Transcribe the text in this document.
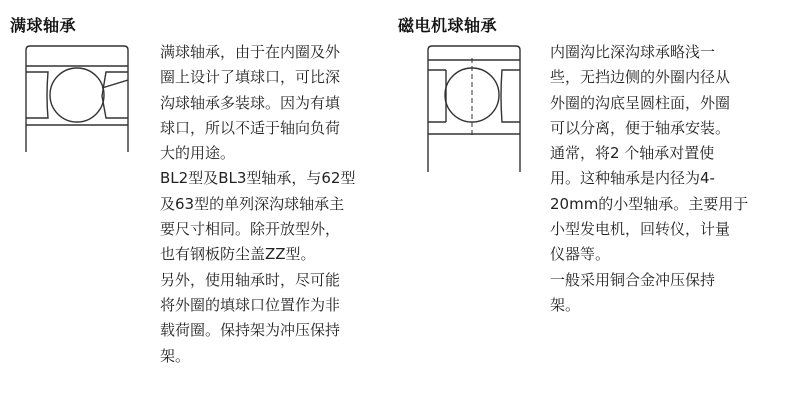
满球轴承
满球轴承，由于在内圈及外
圈上设计了填球口，可比深
沟球轴承多装球。因为有填
球口，所以不适于轴向负荷
大的用途。
BL2型及BL3型轴承，与62型
及63型的单列深沟球轴承主
要尺寸相同。除开放型外，
也有钢板防尘盖ZZ型。
另外，使用轴承时，尽可能
将外圈的填球口位置作为非
载荷圈。保持架为冲压保持
架。
磁电机球轴承
内圈沟比深沟球承略浅一
些，无挡边侧的外圈内径从
外圈的沟底呈圆柱面，外圈
可以分离，便于轴承安装。
通常，将2 个轴承对置使
用。这种轴承是内径为4-
20mm的小型轴承。主要用于
小型发电机，回转仪，计量
仪器等。
一般采用铜合金冲压保持
架。
